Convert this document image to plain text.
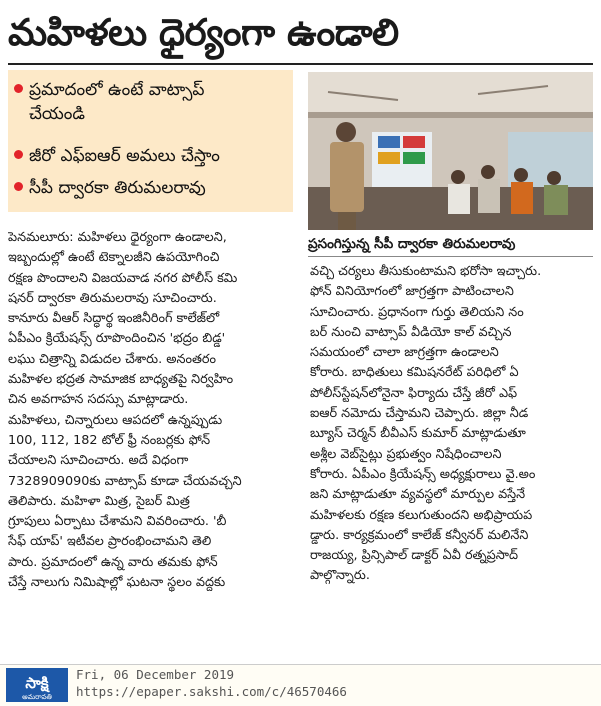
మహిళలు ధైర్యంగా ఉండాలి
ప్రమాదంలో ఉంటే వాట్సాప్
చేయండి
జీరో ఎఫ్‌ఐఆర్‌ అమలు చేస్తాం
సీపీ ద్వారకా తిరుమలరావు
ప్రసంగిస్తున్న సీపీ ద్వారకా తిరుమలరావు

పెనమలూరు: మహిళలు ధైర్యంగా ఉండాలని,

ఇబ్బందుల్లో ఉంటే టెక్నాలజీని ఉపయోగించి

రక్షణ పొందాలని విజయవాడ నగర పోలీస్‌ కమి

షనర్‌ ద్వారకా తిరుమలరావు సూచించారు.

కానూరు వీఆర్‌ సిద్ధార్థ ఇంజినీరింగ్‌ కాలేజ్‌లో

ఏపీఎం క్రియేషన్స్‌ రూపొందించిన 'భద్రం బిడ్డ'

లఘు చిత్రాన్ని విడుదల చేశారు. అనంతరం

మహిళల భద్రత సామాజిక బాధ్యతపై నిర్వహిం

చిన అవగాహన సదస్సు మాట్లాడారు.

మహిళలు, చిన్నారులు ఆపదలో ఉన్నప్పుడు

100, 112, 182 టోల్‌ ఫ్రీ నంబర్లకు ఫోన్‌

చేయాలని సూచించారు. అదే విధంగా

7328909090కు వాట్సాప్‌ కూడా చేయవచ్చని

తెలిపారు. మహిళా మిత్ర, సైబర్‌ మిత్ర

గ్రూపులు ఏర్పాటు చేశామని వివరించారు. 'బీ

సేఫ్‌ యాప్‌' ఇటీవల ప్రారంభించామని తెలి

పారు. ప్రమాదంలో ఉన్న వారు తమకు ఫోన్‌

చేస్తే నాలుగు నిమిషాల్లో ఘటనా స్థలం వద్దకు

వచ్చి చర్యలు తీసుకుంటామని భరోసా ఇచ్చారు.

ఫోన్‌ వినియోగంలో జాగ్రత్తగా పాటించాలని

సూచించారు. ప్రధానంగా గుర్తు తెలియని నం

బర్‌ నుంచి వాట్సాప్‌ వీడియో కాల్‌ వచ్చిన

సమయంలో చాలా జాగ్రత్తగా ఉండాలని

కోరారు. బాధితులు కమిషనరేట్‌ పరిధిలో ఏ

పోలీస్‌స్టేషన్‌లోనైనా ఫిర్యాదు చేస్తే జీరో ఎఫ్‌

ఐఆర్‌ నమోదు చేస్తామని చెప్పారు. జిల్లా నీడ

బ్యూస్‌ చెర్మన్‌ బీవీఎస్‌ కుమార్‌ మాట్లాడుతూ

అశ్లీల వెబ్‌సైట్లు ప్రభుత్వం నిషేధించాలని

కోరారు. ఏపీఎం క్రియేషన్స్‌ అధ్యక్షురాలు వై.అం

జని మాట్లాడుతూ వ్యవస్థలో మార్పుల వస్తేనే

మహిళలకు రక్షణ కలుగుతుందని అభిప్రాయప

డ్డారు. కార్యక్రమంలో కాలేజ్‌ కన్వీనర్‌ మలినేని

రాజయ్య, ప్రిన్సిపాల్‌ డాక్టర్‌ ఏవీ రత్నప్రసాద్‌

పాల్గొన్నారు.

సాక్షి
అమరావతి
Fri, 06 December 2019
https://epaper.sakshi.com/c/46570466
